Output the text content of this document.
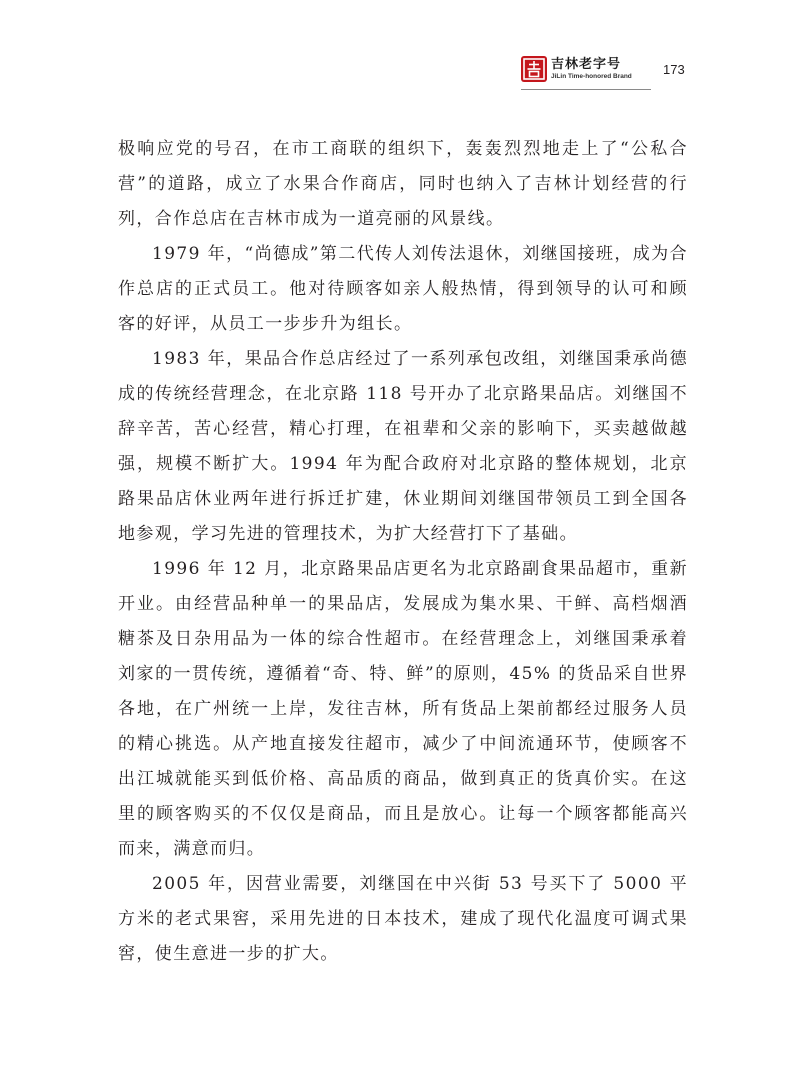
吉林老字号
JiLin Time-honored Brand 173

极响应党的号召，在市工商联的组织下，轰轰烈烈地走上了“公私合营”的道路，成立了水果合作商店，同时也纳入了吉林计划经营的行列，合作总店在吉林市成为一道亮丽的风景线。

1979 年，“尚德成”第二代传人刘传法退休，刘继国接班，成为合作总店的正式员工。他对待顾客如亲人般热情，得到领导的认可和顾客的好评，从员工一步步升为组长。

1983 年，果品合作总店经过了一系列承包改组，刘继国秉承尚德成的传统经营理念，在北京路 118 号开办了北京路果品店。刘继国不辞辛苦，苦心经营，精心打理，在祖辈和父亲的影响下，买卖越做越强，规模不断扩大。1994 年为配合政府对北京路的整体规划，北京路果品店休业两年进行拆迁扩建，休业期间刘继国带领员工到全国各地参观，学习先进的管理技术，为扩大经营打下了基础。

1996 年 12 月，北京路果品店更名为北京路副食果品超市，重新开业。由经营品种单一的果品店，发展成为集水果、干鲜、高档烟酒糖茶及日杂用品为一体的综合性超市。在经营理念上，刘继国秉承着刘家的一贯传统，遵循着“奇、特、鲜”的原则，45% 的货品采自世界各地，在广州统一上岸，发往吉林，所有货品上架前都经过服务人员的精心挑选。从产地直接发往超市，减少了中间流通环节，使顾客不出江城就能买到低价格、高品质的商品，做到真正的货真价实。在这里的顾客购买的不仅仅是商品，而且是放心。让每一个顾客都能高兴而来，满意而归。

2005 年，因营业需要，刘继国在中兴街 53 号买下了 5000 平方米的老式果窖，采用先进的日本技术，建成了现代化温度可调式果窖，使生意进一步的扩大。
